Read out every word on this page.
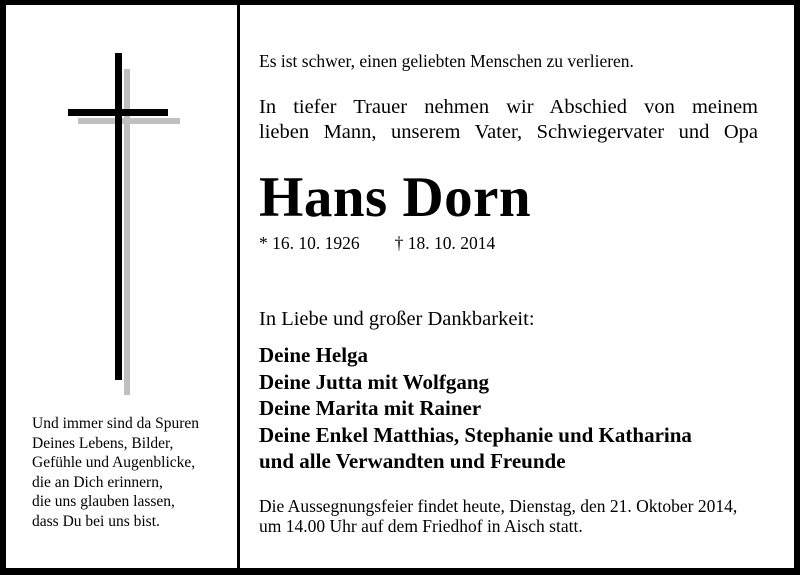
Und immer sind da Spuren
Deines Lebens, Bilder,
Gefühle und Augenblicke,
die an Dich erinnern,
die uns glauben lassen,
dass Du bei uns bist.
Es ist schwer, einen geliebten Menschen zu verlieren.
In tiefer Trauer nehmen wir Abschied von meinem
lieben Mann, unserem Vater, Schwiegervater und Opa
Hans Dorn
* 16. 10. 1926 † 18. 10. 2014
In Liebe und großer Dankbarkeit:
Deine Helga
Deine Jutta mit Wolfgang
Deine Marita mit Rainer
Deine Enkel Matthias, Stephanie und Katharina
und alle Verwandten und Freunde
Die Aussegnungsfeier findet heute, Dienstag, den 21. Oktober 2014,
um 14.00 Uhr auf dem Friedhof in Aisch statt.
